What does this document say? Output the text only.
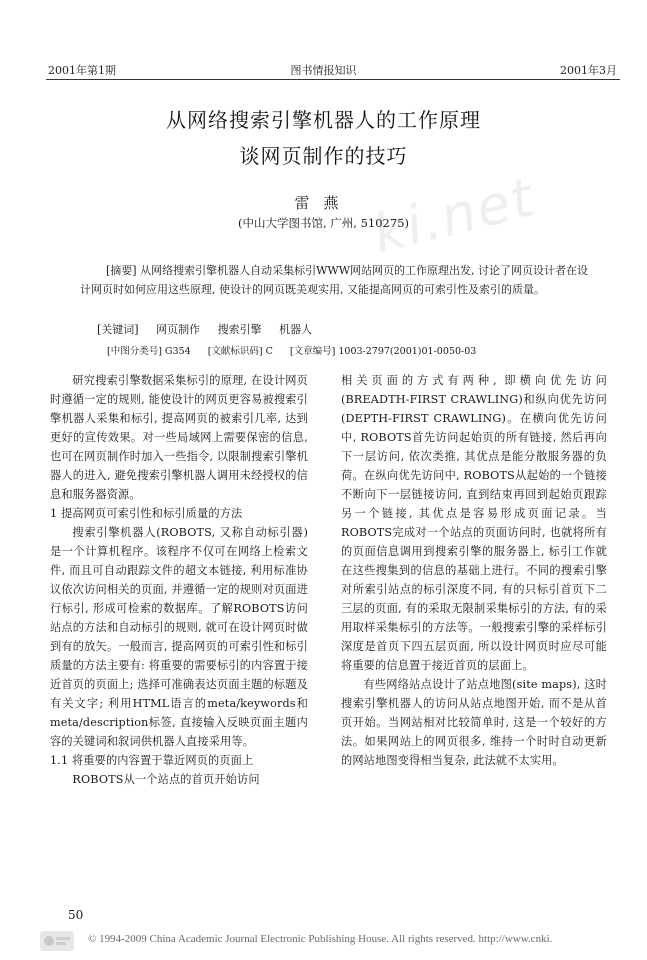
2001年第1期	图书情报知识	2001年3月
ki.net
从网络搜索引擎机器人的工作原理
谈网页制作的技巧
雷燕
(中山大学图书馆, 广州, 510275)
[摘要] 从网络搜索引擎机器人自动采集标引WWW网站网页的工作原理出发, 讨论了网页设计者在设计网页时如何应用这些原理, 使设计的网页既美观实用, 又能提高网页的可索引性及索引的质量。
[关键词] 网页制作 搜索引擎 机器人
[中图分类号] G354 [文献标识码] C [文章编号] 1003-2797(2001)01-0050-03

研究搜索引擎数据采集标引的原理, 在设计网页时遵循一定的规则, 能使设计的网页更容易被搜索引擎机器人采集和标引, 提高网页的被索引几率, 达到更好的宣传效果。对一些局域网上需要保密的信息, 也可在网页制作时加入一些指令, 以限制搜索引擎机器人的进入, 避免搜索引擎机器人调用未经授权的信息和服务器资源。

1 提高网页可索引性和标引质量的方法

搜索引擎机器人(ROBOTS, 又称自动标引器)是一个计算机程序。该程序不仅可在网络上检索文件, 而且可自动跟踪文件的超文本链接, 利用标准协议依次访问相关的页面, 并遵循一定的规则对页面进行标引, 形成可检索的数据库。了解ROBOTS访问站点的方法和自动标引的规则, 就可在设计网页时做到有的放矢。一般而言, 提高网页的可索引性和标引质量的方法主要有: 将重要的需要标引的内容置于接近首页的页面上; 选择可准确表达页面主题的标题及有关文字; 利用HTML语言的meta/keywords和meta/description标签, 直接输入反映页面主题内容的关键词和叙词供机器人直接采用等。

1.1 将重要的内容置于靠近网页的页面上

ROBOTS从一个站点的首页开始访问

相关页面的方式有两种, 即横向优先访问(BREADTH-FIRST CRAWLING)和纵向优先访问(DEPTH-FIRST CRAWLING)。在横向优先访问中, ROBOTS首先访问起始页的所有链接, 然后再向下一层访问, 依次类推, 其优点是能分散服务器的负荷。在纵向优先访问中, ROBOTS从起始的一个链接不断向下一层链接访问, 直到结束再回到起始页跟踪另一个链接, 其优点是容易形成页面记录。当ROBOTS完成对一个站点的页面访问时, 也就将所有的页面信息调用到搜索引擎的服务器上, 标引工作就在这些搜集到的信息的基础上进行。不同的搜索引擎对所索引站点的标引深度不同, 有的只标引首页下二三层的页面, 有的采取无限制采集标引的方法, 有的采用取样采集标引的方法等。一般搜索引擎的采样标引深度是首页下四五层页面, 所以设计网页时应尽可能将重要的信息置于接近首页的层面上。

有些网络站点设计了站点地图(site maps), 这时搜索引擎机器人的访问从站点地图开始, 而不是从首页开始。当网站相对比较简单时, 这是一个较好的方法。如果网站上的网页很多, 维持一个时时自动更新的网站地图变得相当复杂, 此法就不太实用。

50
© 1994-2009 China Academic Journal Electronic Publishing House. All rights reserved. http://www.cnki.
